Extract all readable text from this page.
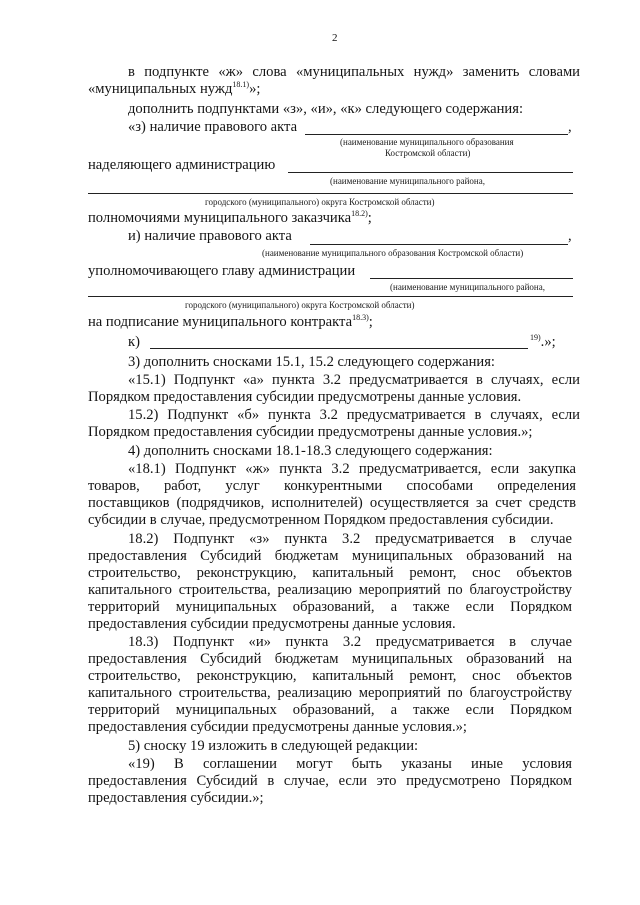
2
в подпункте «ж» слова «муниципальных нужд» заменить словами
«муниципальных нужд$^{18.1)}$»;
дополнить подпунктами «з», «и», «к» следующего содержания:
«з) наличие правового акта	,
(наименование муниципального образования
Костромской области)
наделяющего администрацию
(наименование муниципального района,
городского (муниципального) округа Костромской области)
полномочиями муниципального заказчика$^{18.2)}$;
и) наличие правового акта	,
(наименование муниципального образования Костромской области)
уполномочивающего главу администрации
(наименование муниципального района,
городского (муниципального) округа Костромской области)
на подписание муниципального контракта$^{18.3)}$;
к)	$^{19)}$.»;
3) дополнить сносками 15.1, 15.2 следующего содержания:
«15.1) Подпункт «а» пункта 3.2 предусматривается в случаях, если
Порядком предоставления субсидии предусмотрены данные условия.
15.2) Подпункт «б» пункта 3.2 предусматривается в случаях, если
Порядком предоставления субсидии предусмотрены данные условия.»;
4) дополнить сносками 18.1-18.3 следующего содержания:
«18.1) Подпункт «ж» пункта 3.2 предусматривается, если закупка
товаров, работ, услуг конкурентными способами определения
поставщиков (подрядчиков, исполнителей) осуществляется за счет средств
субсидии в случае, предусмотренном Порядком предоставления субсидии.
18.2) Подпункт «з» пункта 3.2 предусматривается в случае
предоставления Субсидий бюджетам муниципальных образований на
строительство, реконструкцию, капитальный ремонт, снос объектов
капитального строительства, реализацию мероприятий по благоустройству
территорий муниципальных образований, а также если Порядком
предоставления субсидии предусмотрены данные условия.
18.3) Подпункт «и» пункта 3.2 предусматривается в случае
предоставления Субсидий бюджетам муниципальных образований на
строительство, реконструкцию, капитальный ремонт, снос объектов
капитального строительства, реализацию мероприятий по благоустройству
территорий муниципальных образований, а также если Порядком
предоставления субсидии предусмотрены данные условия.»;
5) сноску 19 изложить в следующей редакции:
«19) В соглашении могут быть указаны иные условия
предоставления Субсидий в случае, если это предусмотрено Порядком
предоставления субсидии.»;
